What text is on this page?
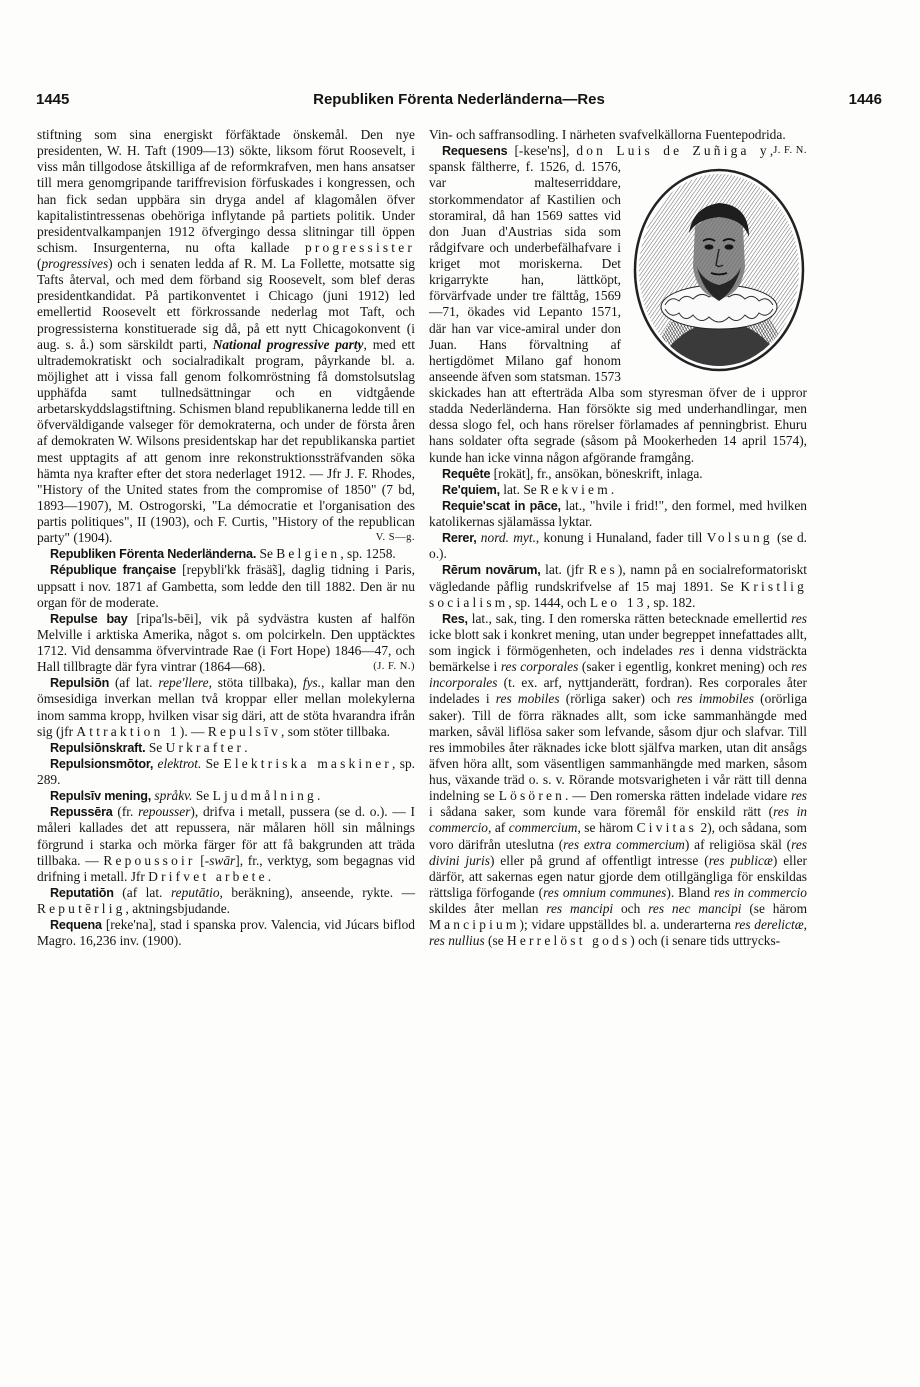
1445	Republiken Förenta Nederländerna—Res	1446

stiftning som sina energiskt förfäktade önskemål. Den nye presidenten, W. H. Taft (1909—13) sökte, liksom förut Roosevelt, i viss mån tillgodose åtskilliga af de reformkrafven, men hans ansatser till mera genomgripande tariffrevision förfuskades i kongressen, och han fick sedan uppbära sin dryga andel af klagomålen öfver kapitalistintressenas obehöriga inflytande på partiets politik. Under presidentvalkampanjen 1912 öfvergingo dessa slitningar till öppen schism. Insurgenterna, nu ofta kallade progressister (progressives) och i senaten ledda af R. M. La Follette, motsatte sig Tafts återval, och med dem förband sig Roosevelt, som blef deras presidentkandidat. På partikonventet i Chicago (juni 1912) led emellertid Roosevelt ett förkrossande nederlag mot Taft, och progressisterna konstituerade sig då, på ett nytt Chicagokonvent (i aug. s. å.) som särskildt parti, National progressive party, med ett ultrademokratiskt och socialradikalt program, påyrkande bl. a. möjlighet att i vissa fall genom folkomröstning få domstolsutslag upphäfda samt tullnedsättningar och en vidtgående arbetarskyddslagstiftning. Schismen bland republikanerna ledde till en öfverväldigande valseger för demokraterna, och under de första åren af demokraten W. Wilsons presidentskap har det republikanska partiet mest upptagits af att genom inre rekonstruktionssträfvanden söka hämta nya krafter efter det stora nederlaget 1912. — Jfr J. F. Rhodes, "History of the United states from the compromise of 1850" (7 bd, 1893—1907), M. Ostrogorski, "La démocratie et l'organisation des partis politiques", II (1903), och F. Curtis, "History of the republican party" (1904).	V. S—g.

Republiken Förenta Nederländerna. Se Belgien, sp. 1258.

République française [repybli'kk fräsä̃s], daglig tidning i Paris, uppsatt i nov. 1871 af Gambetta, som ledde den till 1882. Den är nu organ för de moderate.

Repulse bay [ripa'ls-bēi], vik på sydvästra kusten af halfön Melville i arktiska Amerika, något s. om polcirkeln. Den upptäcktes 1712. Vid densamma öfvervintrade Rae (i Fort Hope) 1846—47, och Hall tillbragte där fyra vintrar (1864—68).	(J. F. N.)

Repulsiōn (af lat. repe'llere, stöta tillbaka), fys., kallar man den ömsesidiga inverkan mellan två kroppar eller mellan molekylerna inom samma kropp, hvilken visar sig däri, att de stöta hvarandra ifrån sig (jfr Attraktion 1). — Repulsīv, som stöter tillbaka.

Repulsiōnskraft. Se Urkrafter.

Repulsionsmōtor, elektrot. Se Elektriska maskiner, sp. 289.

Repulsīv mening, språkv. Se Ljudmålning.

Repussēra (fr. repousser), drifva i metall, pussera (se d. o.). — I måleri kallades det att repussera, när målaren höll sin målnings förgrund i starka och mörka färger för att få bakgrunden att träda tillbaka. — Repoussoir [-swār], fr., verktyg, som begagnas vid drifning i metall. Jfr Drifvet arbete.

Reputatiōn (af lat. reputātio, beräkning), anseende, rykte. — Reputērlig, aktningsbjudande.

Requena [reke'na], stad i spanska prov. Valencia, vid Júcars biflod Magro. 16,236 inv. (1900).

Vin- och saffransodling. I närheten svafvelkällorna Fuentepodrida.
J. F. N.

Requesens [-kese'ns], don Luis de Zuñiga y
, spansk fältherre, f. 1526, d. 1576, var malteserriddare, storkommendator af Kastilien och storamiral, då han 1569 sattes vid don Juan d'Austrias sida som rådgifvare och underbefälhafvare i kriget mot moriskerna. Det krigarrykte han, lättköpt, förvärfvade under tre fälttåg, 1569—71, ökades vid Lepanto 1571, där han var vice-amiral under don Juan. Hans förvaltning af hertigdömet Milano gaf honom anseende äfven som statsman. 1573 skickades han att efterträda Alba som styresman öfver de i uppror stadda Nederländerna. Han försökte sig med underhandlingar, men dessa slogo fel, och hans rörelser förlamades af penningbrist. Ehuru hans soldater ofta segrade (såsom på Mookerheden 14 april 1574), kunde han icke vinna någon afgörande framgång.

Requête [rokät], fr., ansökan, böneskrift, inlaga.

Re'quiem, lat. Se Rekviem.

Requie'scat in pāce, lat., "hvile i frid!", den formel, med hvilken katolikernas själamässa lyktar.

Rerer, nord. myt., konung i Hunaland, fader till Volsung (se d. o.).

Rērum novārum, lat. (jfr Res), namn på en socialreformatoriskt vägledande påflig rundskrifvelse af 15 maj 1891. Se Kristlig socialism, sp. 1444, och Leo 13, sp. 182.

Res, lat., sak, ting. I den romerska rätten betecknade emellertid res icke blott sak i konkret mening, utan under begreppet innefattades allt, som ingick i förmögenheten, och indelades res i denna vidsträckta bemärkelse i res corporales (saker i egentlig, konkret mening) och res incorporales (t. ex. arf, nyttjanderätt, fordran). Res corporales åter indelades i res mobiles (rörliga saker) och res immobiles (orörliga saker). Till de förra räknades allt, som icke sammanhängde med marken, såväl liflösa saker som lefvande, såsom djur och slafvar. Till res immobiles åter räknades icke blott själfva marken, utan dit ansågs äfven höra allt, som väsentligen sammanhängde med marken, såsom hus, växande träd o. s. v. Rörande motsvarigheten i vår rätt till denna indelning se Lösören. — Den romerska rätten indelade vidare res i sådana saker, som kunde vara föremål för enskild rätt (res in commercio, af commercium, se härom Civitas 2), och sådana, som voro därifrån uteslutna (res extra commercium) af religiösa skäl (res divini juris) eller på grund af offentligt intresse (res publicæ) eller därför, att sakernas egen natur gjorde dem otillgängliga för enskildas rättsliga förfogande (res omnium communes). Bland res in commercio skildes åter mellan res mancipi och res nec mancipi (se härom Mancipium); vidare uppställdes bl. a. underarterna res derelictæ, res nullius (se Herrelöst gods) och (i senare tids uttrycks-
